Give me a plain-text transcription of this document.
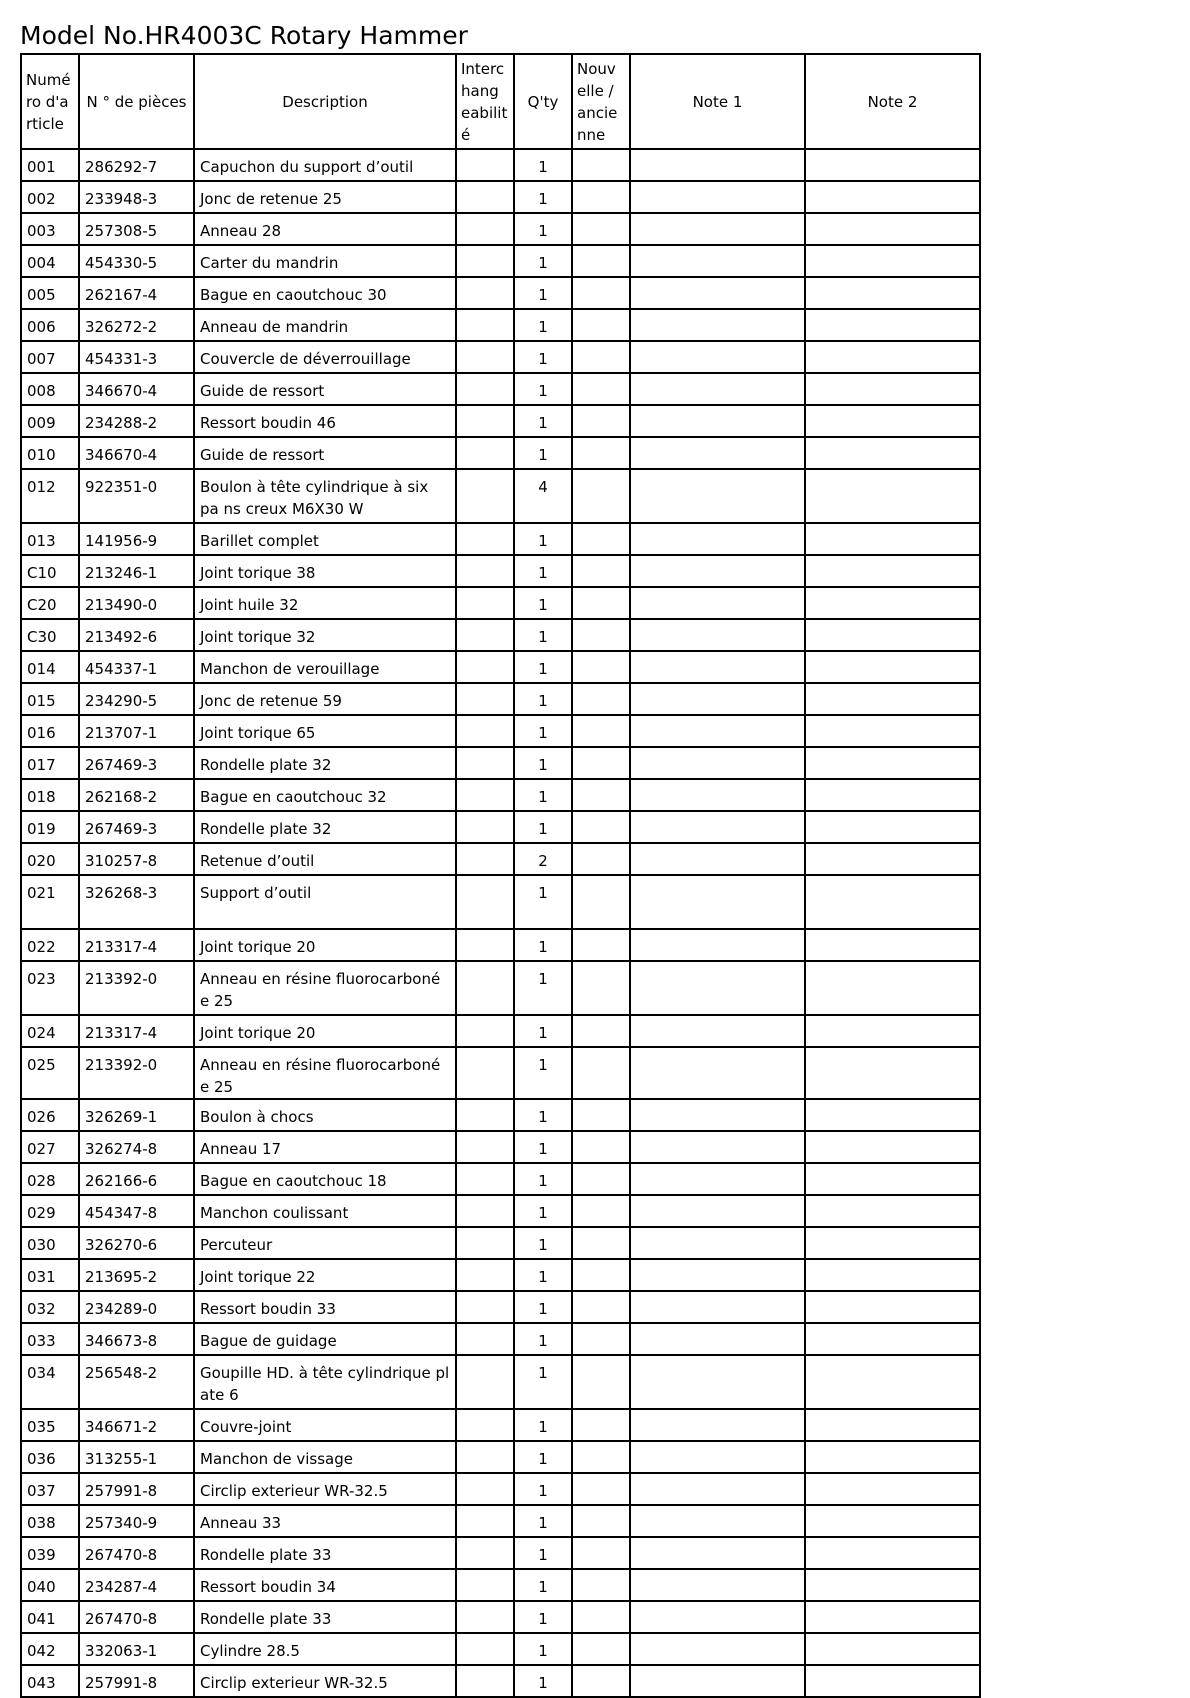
Model No.HR4003C Rotary Hammer
Numé ro d'a rticle	N ° de pièces	Description	Interc hang eabilit é	Q'ty	Nouv elle / ancie nne	Note 1	Note 2
001	286292-7	Capuchon du support d’outil		1			
002	233948-3	Jonc de retenue 25		1			
003	257308-5	Anneau 28		1			
004	454330-5	Carter du mandrin		1			
005	262167-4	Bague en caoutchouc 30		1			
006	326272-2	Anneau de mandrin		1			
007	454331-3	Couvercle de déverrouillage		1			
008	346670-4	Guide de ressort		1			
009	234288-2	Ressort boudin 46		1			
010	346670-4	Guide de ressort		1			
012	922351-0	Boulon à tête cylindrique à six pa ns creux M6X30 W		4			
013	141956-9	Barillet complet		1			
C10	213246-1	Joint torique 38		1			
C20	213490-0	Joint huile 32		1			
C30	213492-6	Joint torique 32		1			
014	454337-1	Manchon de verouillage		1			
015	234290-5	Jonc de retenue 59		1			
016	213707-1	Joint torique 65		1			
017	267469-3	Rondelle plate 32		1			
018	262168-2	Bague en caoutchouc 32		1			
019	267469-3	Rondelle plate 32		1			
020	310257-8	Retenue d’outil		2			
021	326268-3	Support d’outil		1			
022	213317-4	Joint torique 20		1			
023	213392-0	Anneau en résine fluorocarboné e 25		1			
024	213317-4	Joint torique 20		1			
025	213392-0	Anneau en résine fluorocarboné e 25		1			
026	326269-1	Boulon à chocs		1			
027	326274-8	Anneau 17		1			
028	262166-6	Bague en caoutchouc 18		1			
029	454347-8	Manchon coulissant		1			
030	326270-6	Percuteur		1			
031	213695-2	Joint torique 22		1			
032	234289-0	Ressort boudin 33		1			
033	346673-8	Bague de guidage		1			
034	256548-2	Goupille HD. à tête cylindrique pl ate 6		1			
035	346671-2	Couvre-joint		1			
036	313255-1	Manchon de vissage		1			
037	257991-8	Circlip exterieur WR-32.5		1			
038	257340-9	Anneau 33		1			
039	267470-8	Rondelle plate 33		1			
040	234287-4	Ressort boudin 34		1			
041	267470-8	Rondelle plate 33		1			
042	332063-1	Cylindre 28.5		1			
043	257991-8	Circlip exterieur WR-32.5		1			
